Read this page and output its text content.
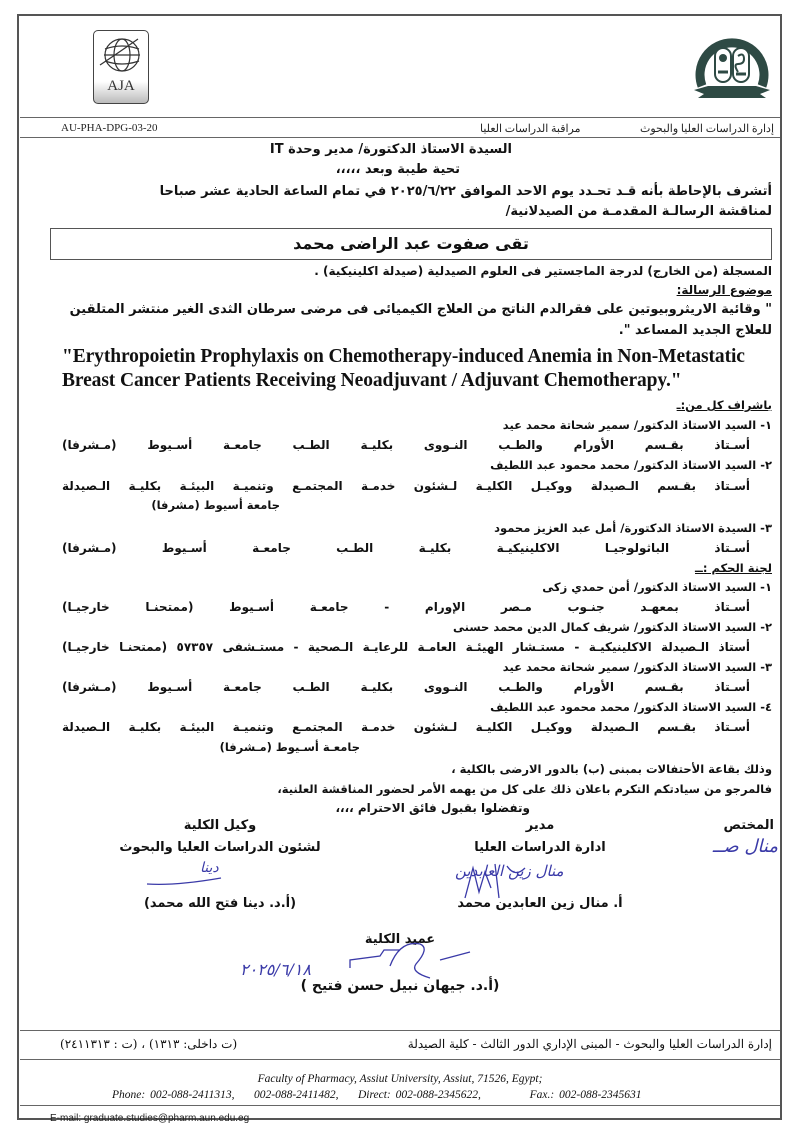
AJA
AU-PHA-DPG-03-20	مراقبة الدراسات العليا	إدارة الدراسات العليا والبحوث
السيدة الاستاذ الدكتورة/ مدير وحدة IT
تحية طيبة وبعد ،،،،،
أتشرف بالإحاطة بأنه قـد تحـدد يوم الاحد الموافق ٢٠٢٥/٦/٢٢ في تمام الساعة الحادية عشر صباحا
لمناقشة الرسالـة المقدمـة من الصيدلانية/
تقى صفوت عبد الراضى محمد
المسجلة (من الخارج) لدرجة الماجستير فى العلوم الصيدلية (صيدلة اكلينيكية) .
موضوع الرسالة:
" وقائية الاريثروبيوتين على فقرالدم الناتج من العلاج الكيميائى فى مرضى سرطان الثدى الغير منتشر المتلقين
للعلاج الجديد المساعد ".
"Erythropoietin Prophylaxis on Chemotherapy-induced Anemia in Non-Metastatic
Breast Cancer Patients Receiving Neoadjuvant / Adjuvant Chemotherapy."
باشراف كل من:ـ
١- السيد الاستاذ الدكتور/ سمير شحاتة محمد عيد
أسـتاذ بقـسم الأورام والطـب النـووى بكليـة الطـب جامعـة أسـيوط (مـشرفا)
٢- السيد الاستاذ الدكتور/ محمد محمود عبد اللطيف
أسـتاذ بقـسم الـصيدلة ووكيـل الكليـة لـشئون خدمـة المجتمـع وتنميـة البيئـة بكليـة الـصيدلة
جامعة أسيوط (مشرفا)
٣- السيدة الاستاذ الدكتورة/ أمل عبد العزيز محمود
أسـتاذ الباثولوجيـا الاكلينيكيـة بكليـة الطـب جامعـة أسـيوط (مـشرفا)
لجنة الحكم :ــ
١- السيد الاستاذ الدكتور/ أمن حمدي زكى
أسـتاذ بمعهـد جنـوب مـصر الإورام - جامعـة أسـيوط (ممتحنـا خارجيـا)
٢- السيد الاستاذ الدكتور/ شريف كمال الدين محمد حسنى
أستاذ الـصيدلة الاكلينيكيـة - مستـشار الهيئـة العامـة للرعايـة الـصحية - مستـشفى ٥٧٣٥٧ (ممتحنـا خارجيـا)
٣- السيد الاستاذ الدكتور/ سمير شحاتة محمد عيد
أسـتاذ بقـسم الأورام والطـب النـووى بكليـة الطـب جامعـة أسـيوط (مـشرفا)
٤- السيد الاستاذ الدكتور/ محمد محمود عبد اللطيف
أسـتاذ بقـسم الـصيدلة ووكيـل الكليـة لـشئون خدمـة المجتمـع وتنميـة البيئـة بكليـة الـصيدلة
جامعـة أسـيوط (مـشرفا)
وذلك بقاعة الأحتفالات بمبنى (ب) بالدور الارضى بالكلية ،
فالمرجو من سيادتكم التكرم باعلان ذلك على كل من يهمه الأمر لحضور المناقشة العلنية،
وتفضلوا بقبول فائق الاحترام ،،،،
المختص
منال صــ
مدير
ادارة الدراسات العليا
منال زين العابدين
أ. منال زين العابدين محمد
وكيل الكلية
لشئون الدراسات العليا والبحوث
دينا
(أ.د. دينا فتح الله محمد)
عميد الكلية
٢٠٢٥/٦/١٨
(أ.د. جيهان نبيل حسن فتيح )
إدارة الدراسات العليا والبحوث - المبنى الإداري الدور الثالث - كلية الصيدلة
(ت داخلى: ١٣١٣) ، (ت : ٢٤١١٣١٣)
Faculty of Pharmacy, Assiut University, Assiut, 71526, Egypt;
Phone: 002-088-2411313, 002-088-2411482, Direct: 002-088-2345622,	Fax.: 002-088-2345631
E-mail: graduate.studies@pharm.aun.edu.eg
